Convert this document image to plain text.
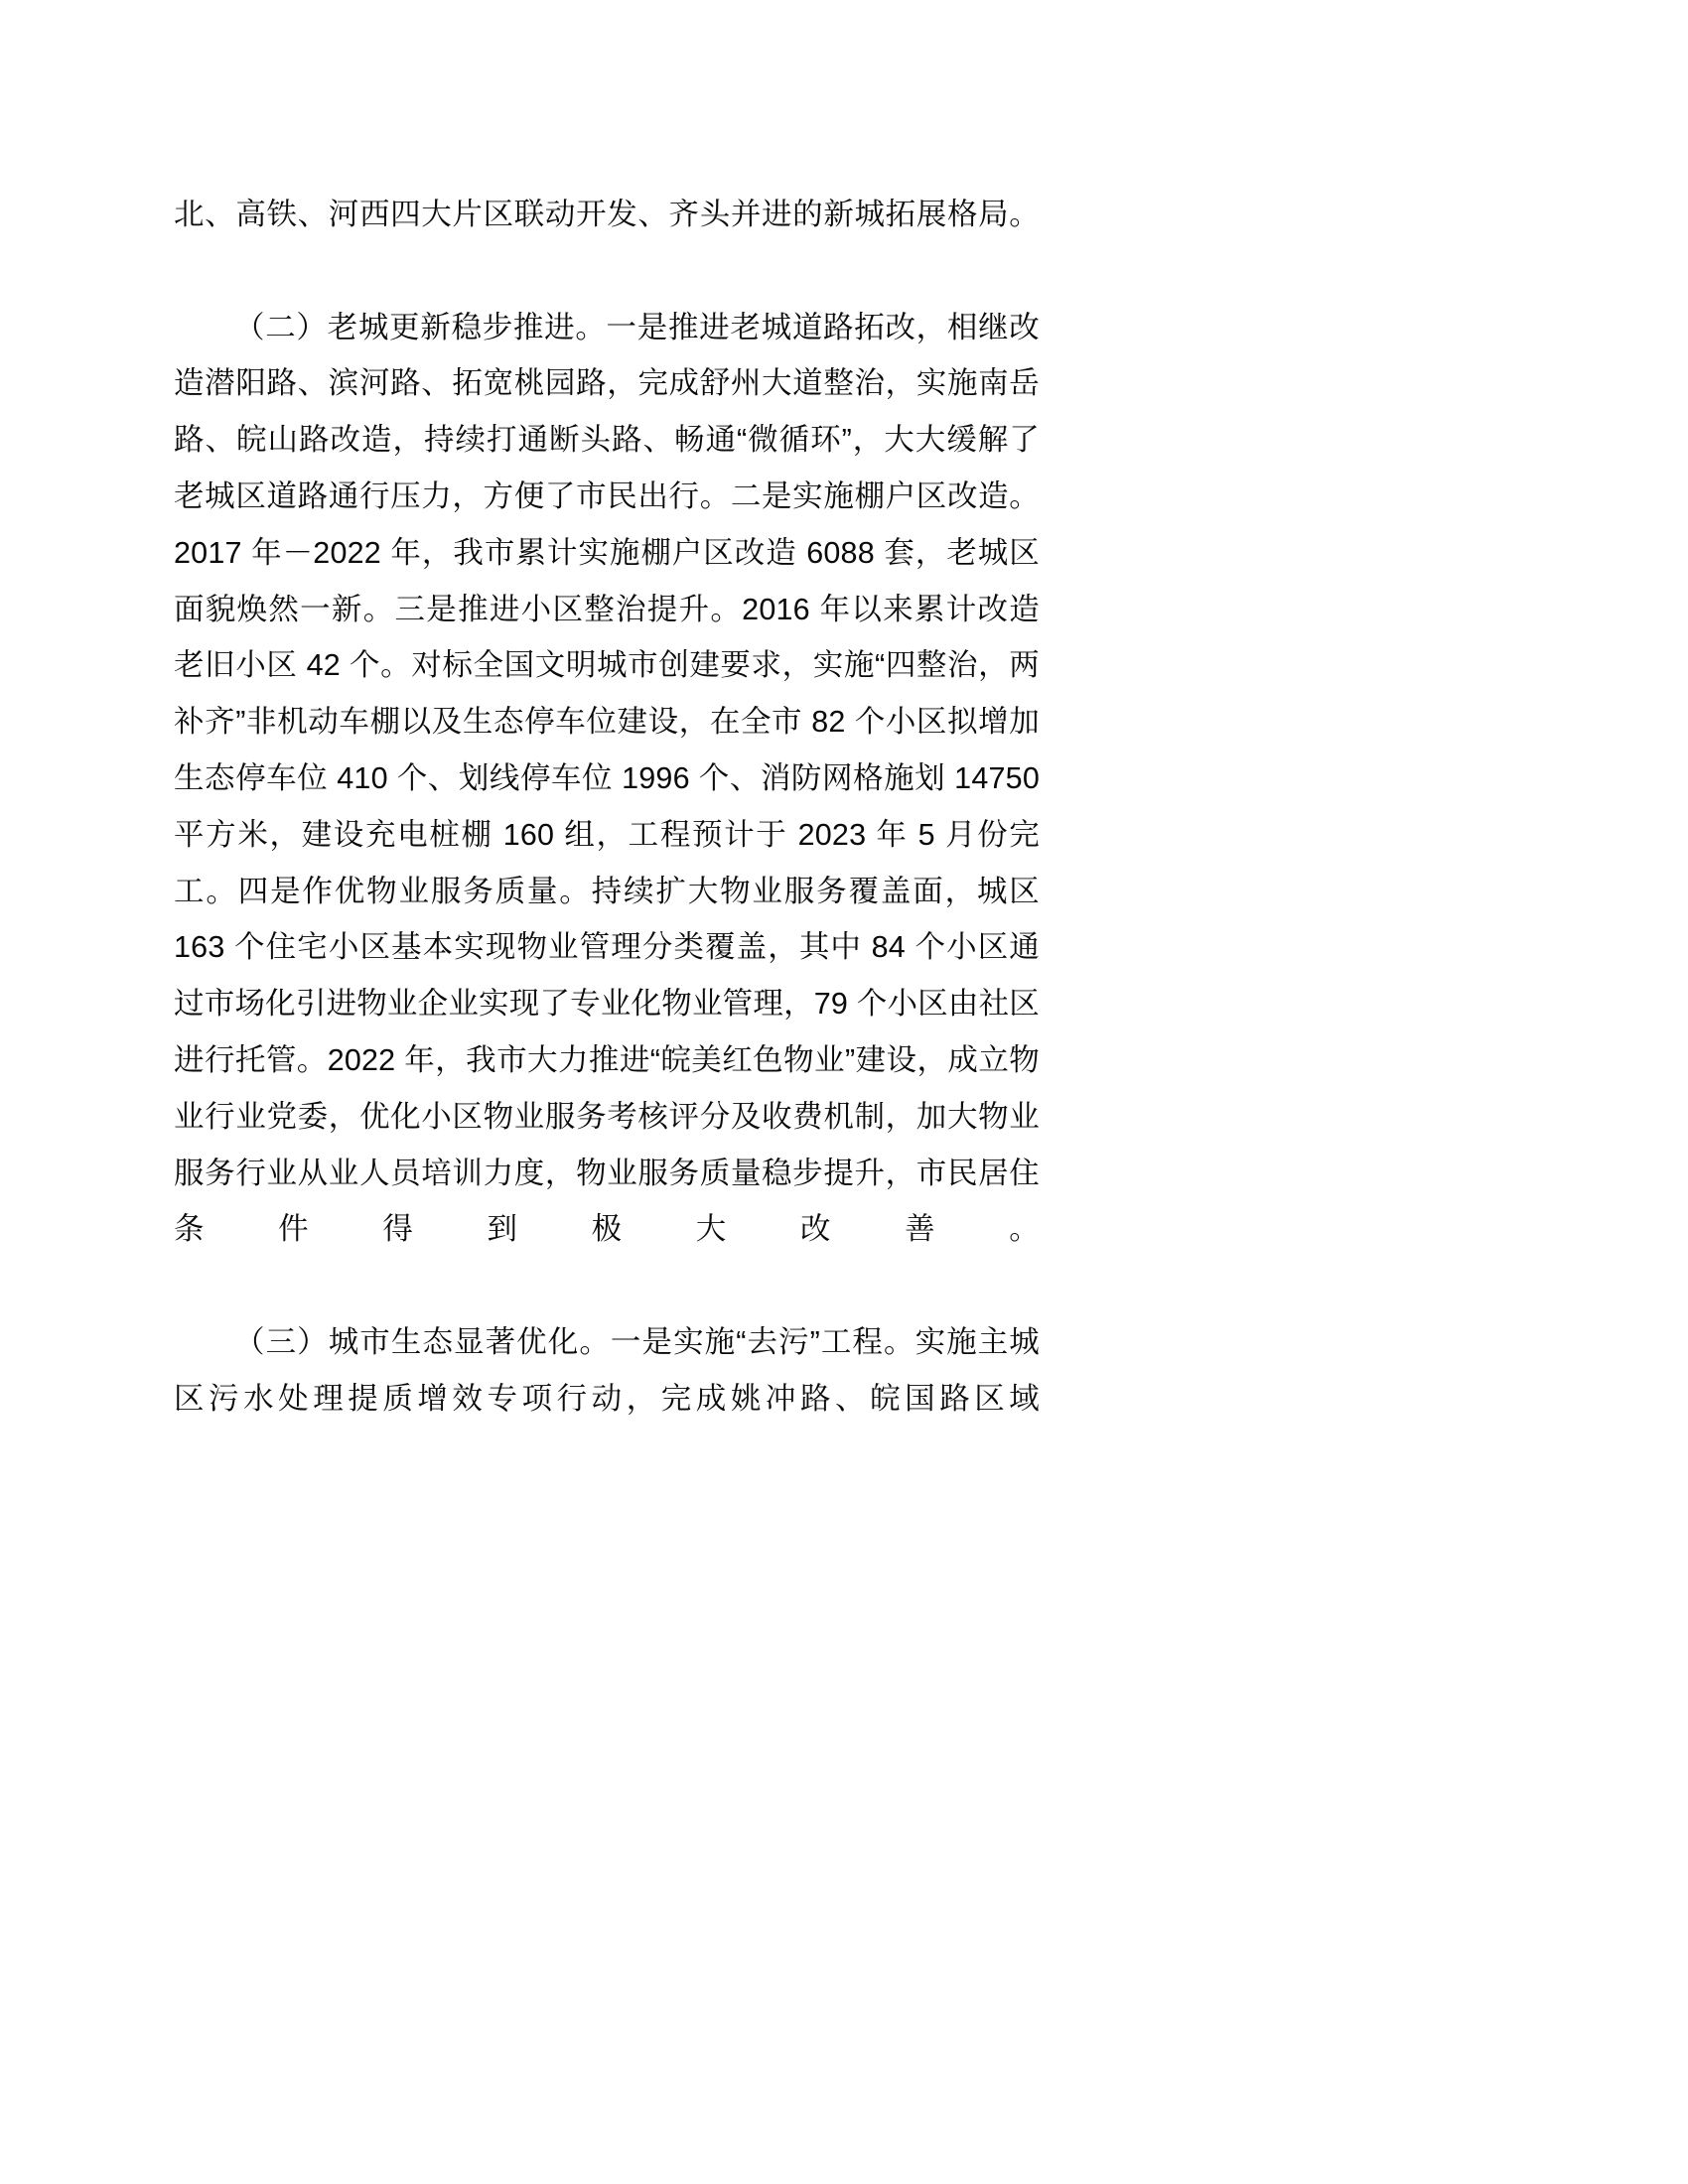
北、高铁、河西四大片区联动开发、齐头并进的新城拓展格局。

（二）老城更新稳步推进。一是推进老城道路拓改，相继改造潜阳路、滨河路、拓宽桃园路，完成舒州大道整治，实施南岳路、皖山路改造，持续打通断头路、畅通“微循环”，大大缓解了老城区道路通行压力，方便了市民出行。二是实施棚户区改造。2017 年－2022 年，我市累计实施棚户区改造 6088 套，老城区面貌焕然一新。三是推进小区整治提升。2016 年以来累计改造老旧小区 42 个。对标全国文明城市创建要求，实施“四整治，两补齐”非机动车棚以及生态停车位建设，在全市 82 个小区拟增加生态停车位 410 个、划线停车位 1996 个、消防网格施划 14750 平方米，建设充电桩棚 160 组，工程预计于 2023 年 5 月份完工。四是作优物业服务质量。持续扩大物业服务覆盖面，城区 163 个住宅小区基本实现物业管理分类覆盖，其中 84 个小区通过市场化引进物业企业实现了专业化物业管理，79 个小区由社区进行托管。2022 年，我市大力推进“皖美红色物业”建设，成立物业行业党委，优化小区物业服务考核评分及收费机制，加大物业服务行业从业人员培训力度，物业服务质量稳步提升，市民居住条件得到极大改善。

（三）城市生态显著优化。一是实施“去污”工程。实施主城区污水处理提质增效专项行动，完成姚冲路、皖国路区域
